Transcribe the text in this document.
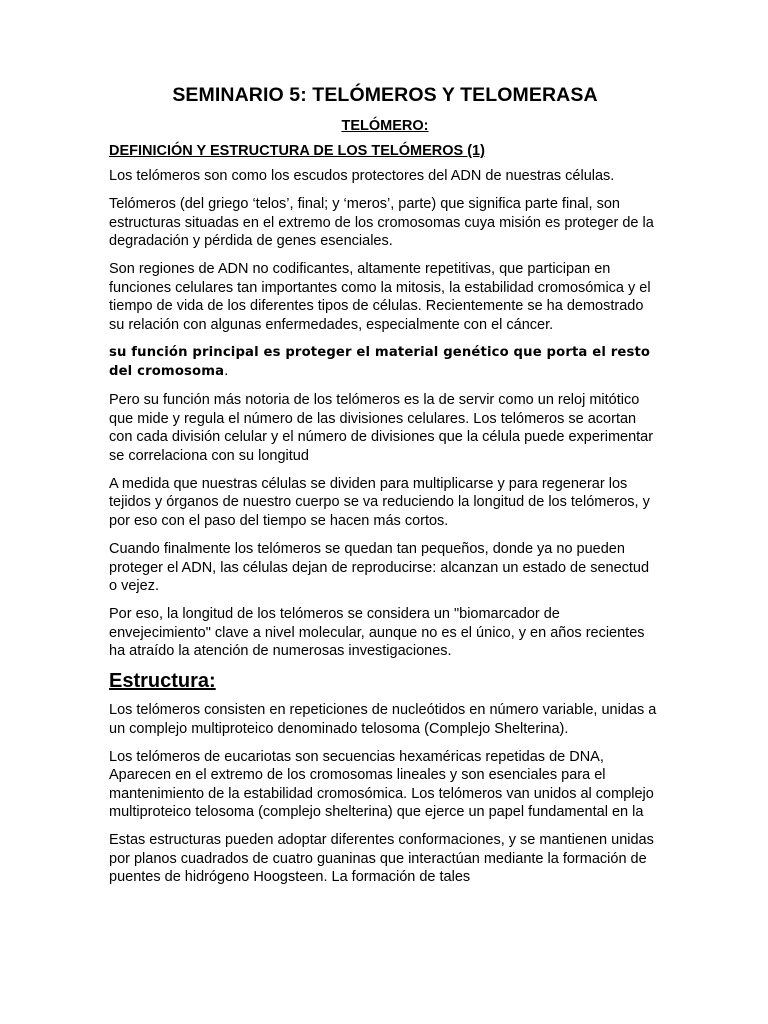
SEMINARIO 5: TELÓMEROS Y TELOMERASA
TELÓMERO:
DEFINICIÓN Y ESTRUCTURA DE LOS TELÓMEROS (1)

Los telómeros son como los escudos protectores del ADN de nuestras células.

Telómeros (del griego ‘telos’, final; y ‘meros’, parte) que significa parte final, son estructuras situadas en el extremo de los cromosomas cuya misión es proteger de la degradación y pérdida de genes esenciales.

Son regiones de ADN no codificantes, altamente repetitivas, que participan en funciones celulares tan importantes como la mitosis, la estabilidad cromosómica y el tiempo de vida de los diferentes tipos de células. Recientemente se ha demostrado su relación con algunas enfermedades, especialmente con el cáncer.

su función principal es proteger el material genético que porta el resto del cromosoma.

Pero su función más notoria de los telómeros es la de servir como un reloj mitótico que mide y regula el número de las divisiones celulares. Los telómeros se acortan con cada división celular y el número de divisiones que la célula puede experimentar se correlaciona con su longitud

A medida que nuestras células se dividen para multiplicarse y para regenerar los tejidos y órganos de nuestro cuerpo se va reduciendo la longitud de los telómeros, y por eso con el paso del tiempo se hacen más cortos.

Cuando finalmente los telómeros se quedan tan pequeños, donde ya no pueden proteger el ADN, las células dejan de reproducirse: alcanzan un estado de senectud o vejez.

Por eso, la longitud de los telómeros se considera un "biomarcador de envejecimiento" clave a nivel molecular, aunque no es el único, y en años recientes ha atraído la atención de numerosas investigaciones.

Estructura:

Los telómeros consisten en repeticiones de nucleótidos en número variable, unidas a un complejo multiproteico denominado telosoma (Complejo Shelterina).

Los telómeros de eucariotas son secuencias hexaméricas repetidas de DNA, Aparecen en el extremo de los cromosomas lineales y son esenciales para el mantenimiento de la estabilidad cromosómica. Los telómeros van unidos al complejo multiproteico telosoma (complejo shelterina) que ejerce un papel fundamental en la

Estas estructuras pueden adoptar diferentes conformaciones, y se mantienen unidas por planos cuadrados de cuatro guaninas que interactúan mediante la formación de puentes de hidrógeno Hoogsteen. La formación de tales
